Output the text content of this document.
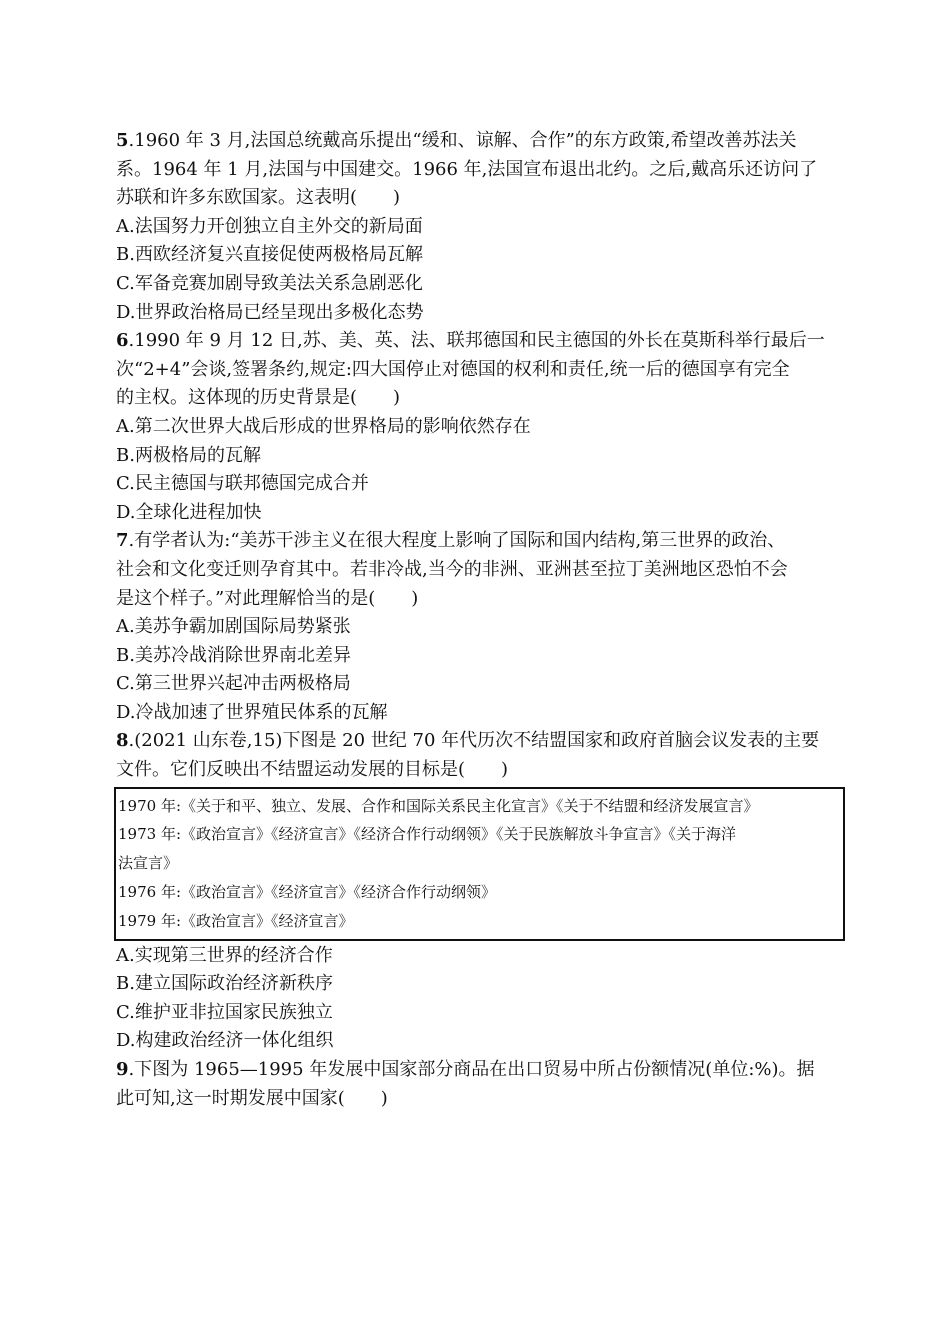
5.1960 年 3 月,法国总统戴高乐提出“缓和、谅解、合作”的东方政策,希望改善苏法关
系。1964 年 1 月,法国与中国建交。1966 年,法国宣布退出北约。之后,戴高乐还访问了
苏联和许多东欧国家。这表明(　　)
A.法国努力开创独立自主外交的新局面
B.西欧经济复兴直接促使两极格局瓦解
C.军备竞赛加剧导致美法关系急剧恶化
D.世界政治格局已经呈现出多极化态势
6.1990 年 9 月 12 日,苏、美、英、法、联邦德国和民主德国的外长在莫斯科举行最后一
次“2+4”会谈,签署条约,规定:四大国停止对德国的权利和责任,统一后的德国享有完全
的主权。这体现的历史背景是(　　)
A.第二次世界大战后形成的世界格局的影响依然存在
B.两极格局的瓦解
C.民主德国与联邦德国完成合并
D.全球化进程加快
7.有学者认为:“美苏干涉主义在很大程度上影响了国际和国内结构,第三世界的政治、
社会和文化变迁则孕育其中。若非冷战,当今的非洲、亚洲甚至拉丁美洲地区恐怕不会
是这个样子。”对此理解恰当的是(　　)
A.美苏争霸加剧国际局势紧张
B.美苏冷战消除世界南北差异
C.第三世界兴起冲击两极格局
D.冷战加速了世界殖民体系的瓦解
8.(2021 山东卷,15)下图是 20 世纪 70 年代历次不结盟国家和政府首脑会议发表的主要
文件。它们反映出不结盟运动发展的目标是(　　)
1970 年:《关于和平、独立、发展、合作和国际关系民主化宣言》《关于不结盟和经济发展宣言》
1973 年:《政治宣言》《经济宣言》《经济合作行动纲领》《关于民族解放斗争宣言》《关于海洋
法宣言》
1976 年:《政治宣言》《经济宣言》《经济合作行动纲领》
1979 年:《政治宣言》《经济宣言》
A.实现第三世界的经济合作
B.建立国际政治经济新秩序
C.维护亚非拉国家民族独立
D.构建政治经济一体化组织
9.下图为 1965—1995 年发展中国家部分商品在出口贸易中所占份额情况(单位:%)。据
此可知,这一时期发展中国家(　　)
